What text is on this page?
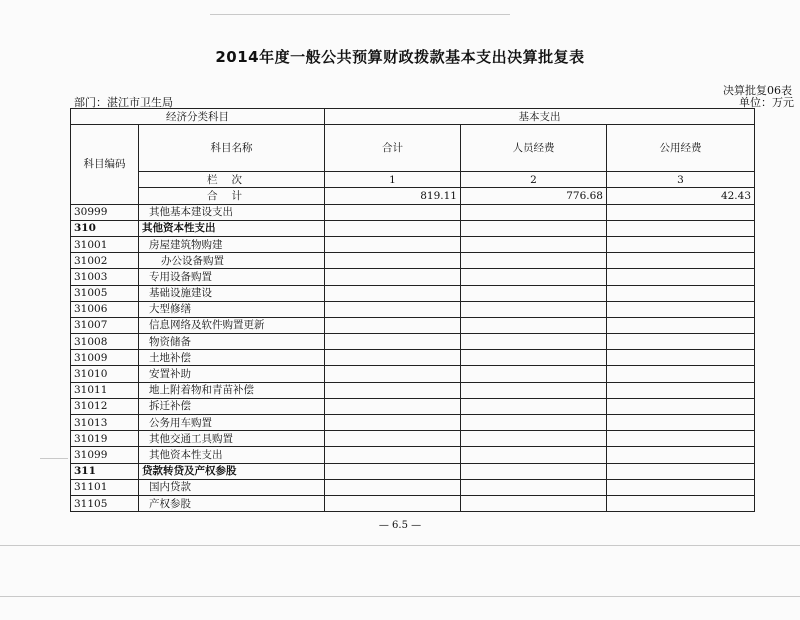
2014年度一般公共预算财政拨款基本支出决算批复表
决算批复06表
部门：湛江市卫生局	单位：万元
经济分类科目		基本支出		
科目编码	科目名称	合计	人员经费	公用经费
	栏次	1	2	3
	合计	819.11	776.68	42.43
30999	其他基本建设支出			
310	其他资本性支出			
31001	房屋建筑物购建			
31002	办公设备购置			
31003	专用设备购置			
31005	基础设施建设			
31006	大型修缮			
31007	信息网络及软件购置更新			
31008	物资储备			
31009	土地补偿			
31010	安置补助			
31011	地上附着物和青苗补偿			
31012	拆迁补偿			
31013	公务用车购置			
31019	其他交通工具购置			
31099	其他资本性支出			
311	贷款转贷及产权参股			
31101	国内贷款			
31105	产权参股			
— 6.5 —
